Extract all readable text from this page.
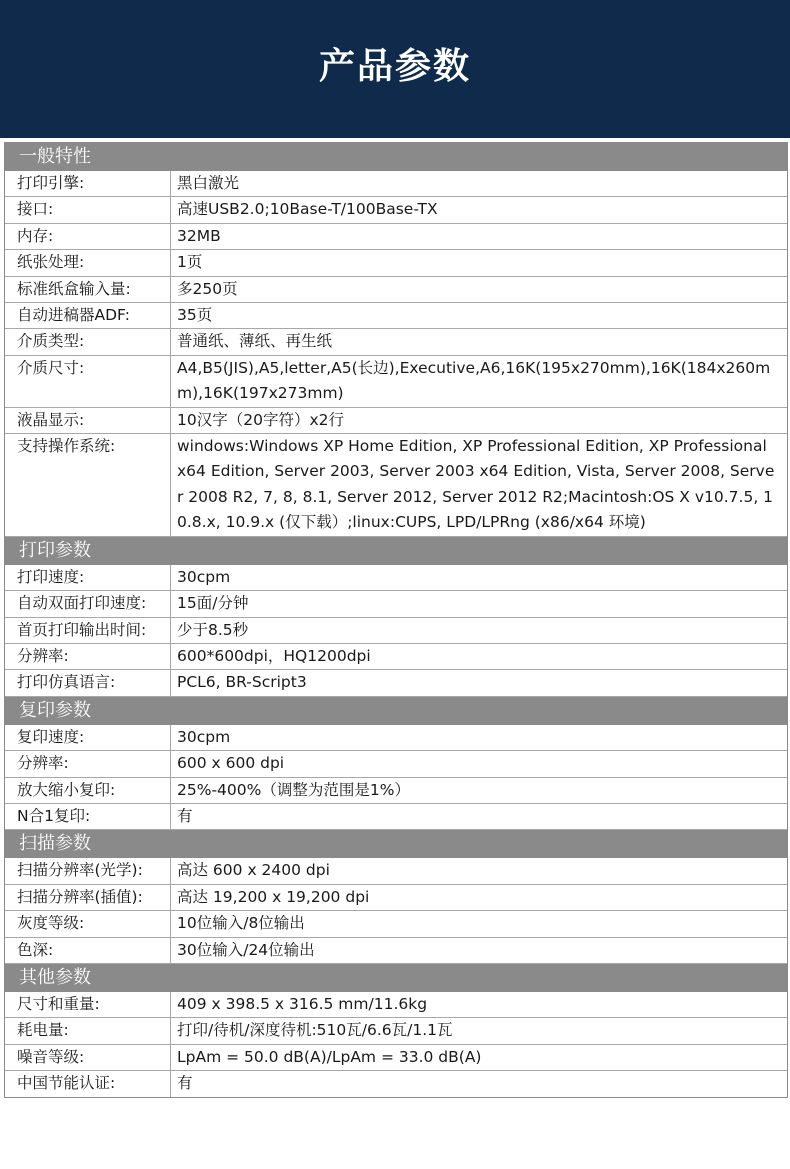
产品参数
一般特性
打印引擎:	黑白激光
接口:	高速USB2.0;10Base-T/100Base-TX
内存:	32MB
纸张处理:	1页
标准纸盒输入量:	多250页
自动进稿器ADF:	35页
介质类型:	普通纸、薄纸、再生纸
介质尺寸:	A4,B5(JIS),A5,letter,A5(长边),Executive,A6,16K(195x270mm),16K(184x260mm),16K(197x273mm)
液晶显示:	10汉字（20字符）x2行
支持操作系统:	windows:Windows XP Home Edition, XP Professional Edition, XP Professional x64 Edition, Server 2003, Server 2003 x64 Edition, Vista, Server 2008, Server 2008 R2, 7, 8, 8.1, Server 2012, Server 2012 R2;Macintosh:OS X v10.7.5, 10.8.x, 10.9.x (仅下载）;linux:CUPS, LPD/LPRng (x86/x64 环境)
打印参数
打印速度:	30cpm
自动双面打印速度:	15面/分钟
首页打印输出时间:	少于8.5秒
分辨率:	600*600dpi，HQ1200dpi
打印仿真语言:	PCL6, BR-Script3
复印参数
复印速度:	30cpm
分辨率:	600 x 600 dpi
放大缩小复印:	25%-400%（调整为范围是1%）
N合1复印:	有
扫描参数
扫描分辨率(光学):	高达 600 x 2400 dpi
扫描分辨率(插值):	高达 19,200 x 19,200 dpi
灰度等级:	10位输入/8位输出
色深:	30位输入/24位输出
其他参数
尺寸和重量:	409 x 398.5 x 316.5 mm/11.6kg
耗电量:	打印/待机/深度待机:510瓦/6.6瓦/1.1瓦
噪音等级:	LpAm = 50.0 dB(A)/LpAm = 33.0 dB(A)
中国节能认证:	有
